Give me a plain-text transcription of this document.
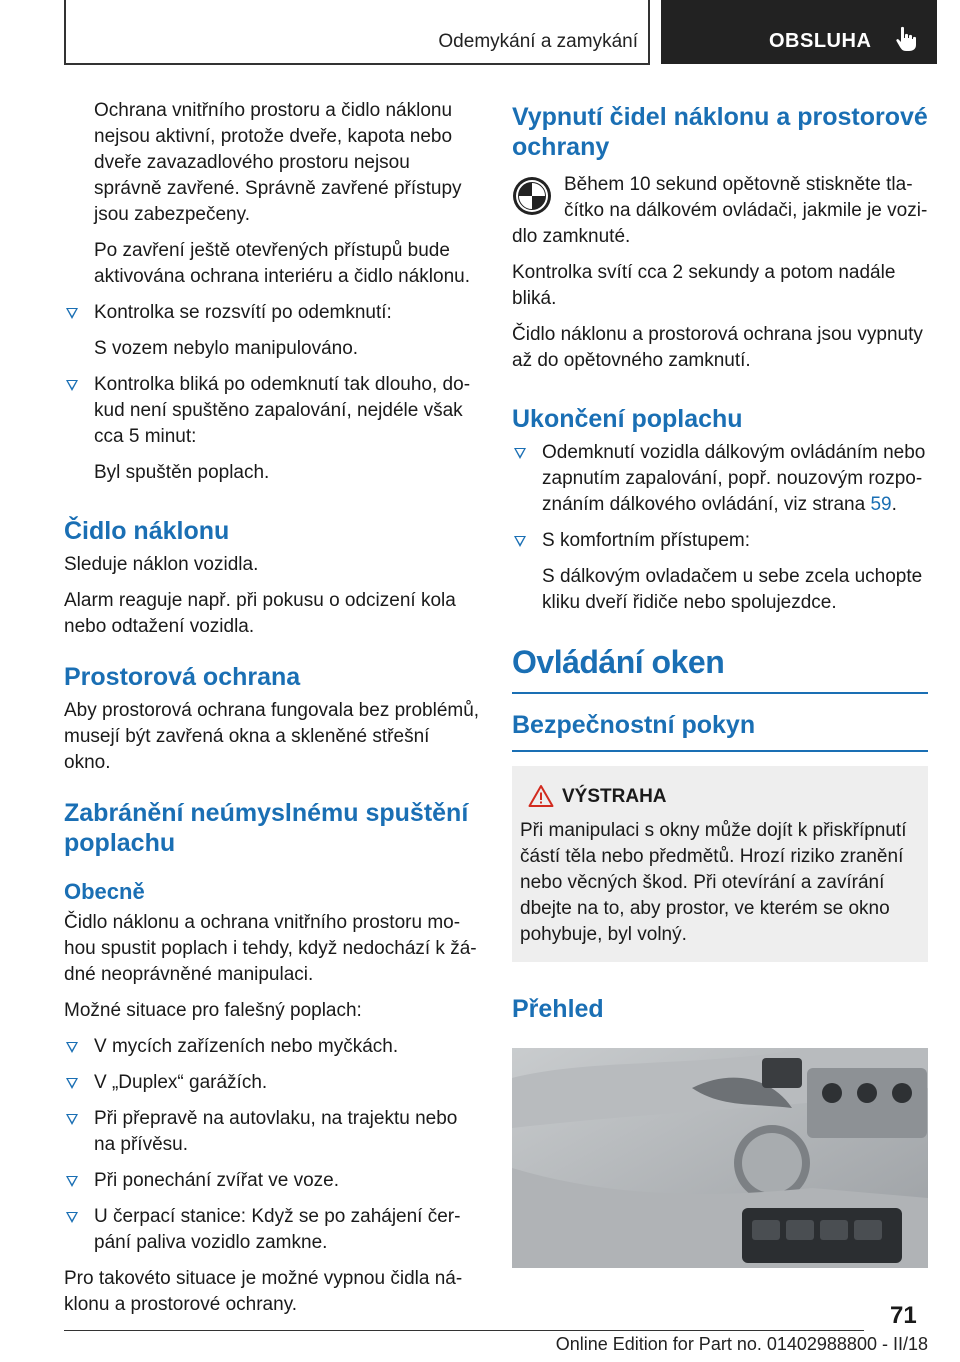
Odemykání a zamykání	OBSLUHA

Ochrana vnitřního prostoru a čidlo náklonu nejsou aktivní, protože dveře, kapota nebo dveře zavazadlového prostoru nejsou správně zavřené. Správně zavřené přístupy jsou zabezpečeny.

Po zavření ještě otevřených přístupů bude aktivována ochrana interiéru a čidlo náklonu.

Kontrolka se rozsvítí po odemknutí:

S vozem nebylo manipulováno.

Kontrolka bliká po odemknutí tak dlouho, dokud není spuštěno zapalování, nejdéle však cca 5 minut:

Byl spuštěn poplach.

Čidlo náklonu

Sleduje náklon vozidla.

Alarm reaguje např. při pokusu o odcizení kola nebo odtažení vozidla.

Prostorová ochrana

Aby prostorová ochrana fungovala bez problémů, musejí být zavřená okna a skleněné střešní okno.

Zabránění neúmyslnému spuštění poplachu
Obecně

Čidlo náklonu a ochrana vnitřního prostoru mohou spustit poplach i tehdy, když nedochází k žádné neoprávněné manipulaci.

Možné situace pro falešný poplach:

V mycích zařízeních nebo myčkách.

V „Duplex“ garážích.

Při přepravě na autovlaku, na trajektu nebo na přívěsu.

Při ponechání zvířat ve voze.

U čerpací stanice: Když se po zahájení čerpání paliva vozidlo zamkne.

Pro takovéto situace je možné vypnou čidla náklonu a prostorové ochrany.

Vypnutí čidel náklonu a prostorové ochrany

Během 10 sekund opětovně stiskněte tlačítko na dálkovém ovládači, jakmile je vozidlo zamknuté.

Kontrolka svítí cca 2 sekundy a potom nadále bliká.

Čidlo náklonu a prostorová ochrana jsou vypnuty až do opětovného zamknutí.

Ukončení poplachu

Odemknutí vozidla dálkovým ovládáním nebo zapnutím zapalování, popř. nouzovým rozpoznáním dálkového ovládání, viz strana 59.

S komfortním přístupem:

S dálkovým ovladačem u sebe zcela uchopte kliku dveří řidiče nebo spolujezdce.

Ovládání oken
Bezpečnostní pokyn
VÝSTRAHA

Při manipulaci s okny může dojít k přiskřípnutí částí těla nebo předmětů. Hrozí riziko zranění nebo věcných škod. Při otevírání a zavírání dbejte na to, aby prostor, ve kterém se okno pohybuje, byl volný.

Přehled
71
Online Edition for Part no. 01402988800 - II/18
